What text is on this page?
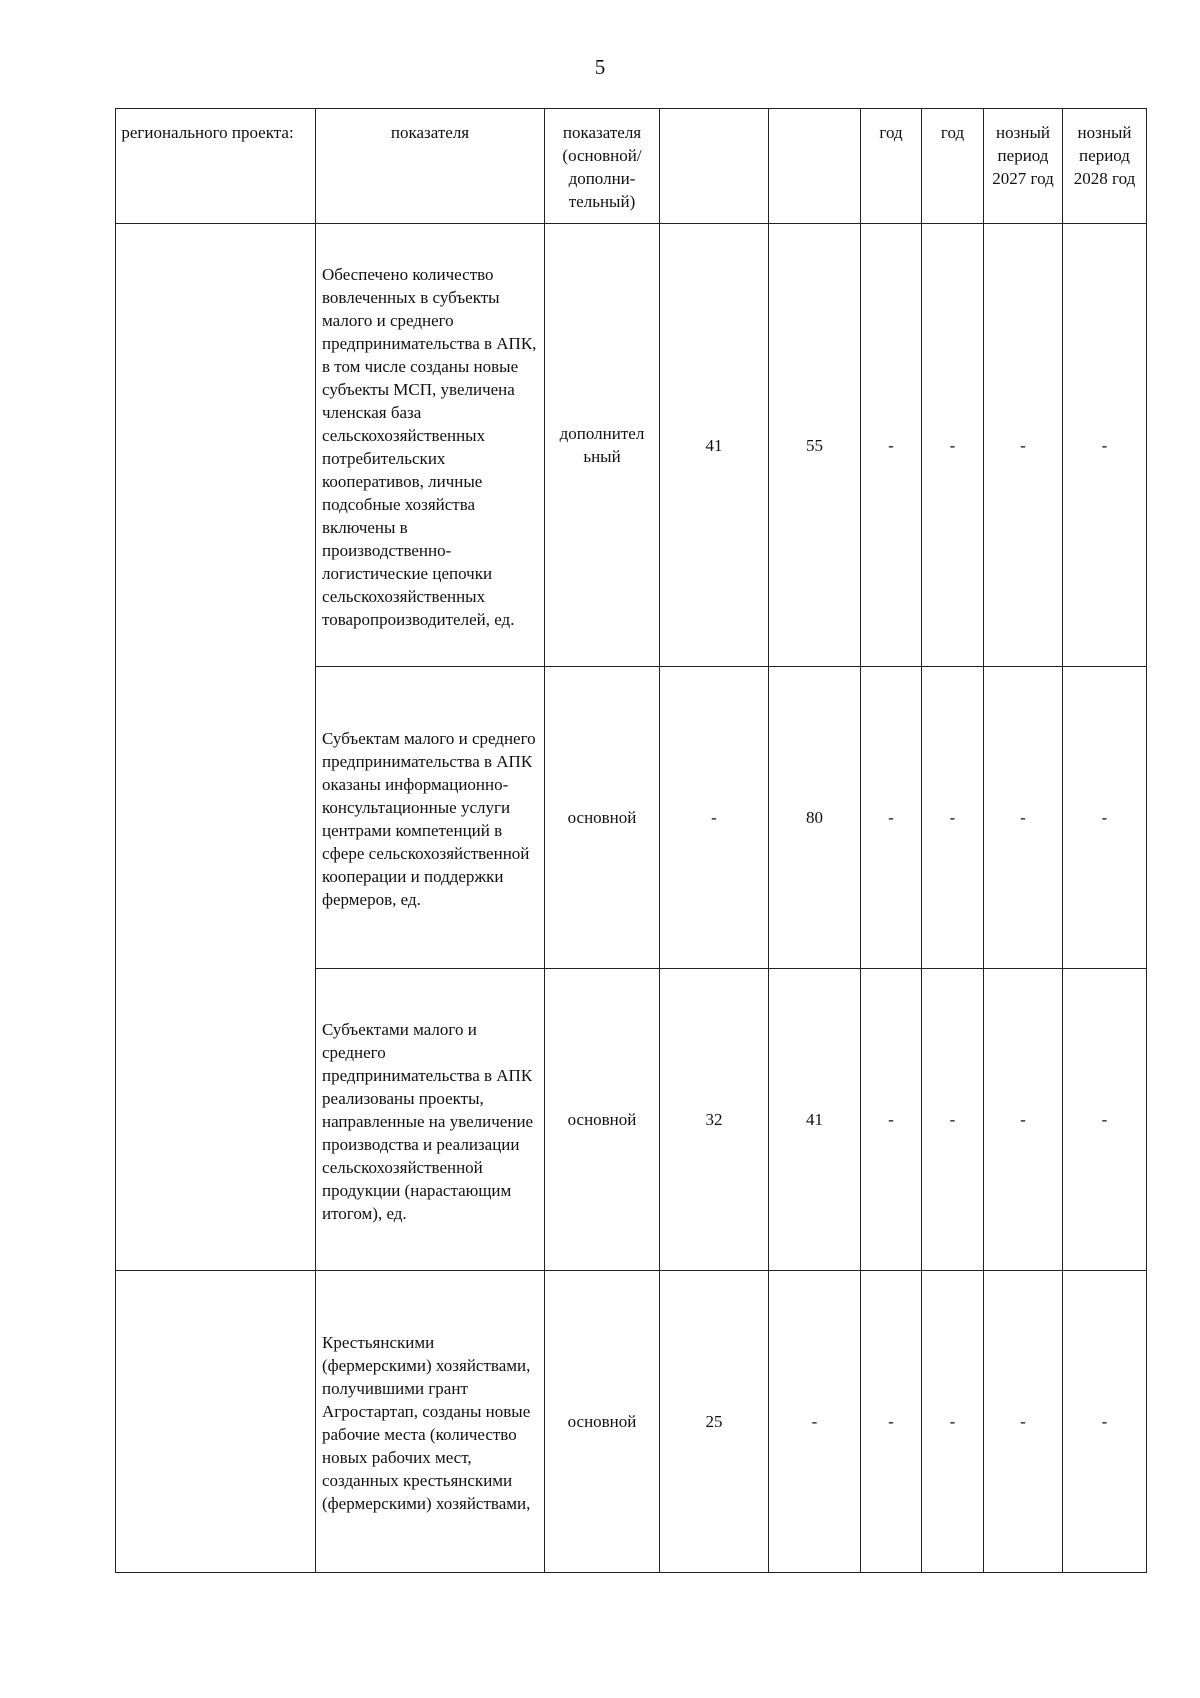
5
регионального проекта:	показателя	показателя (основной/ дополни-тельный)			год	год	нозный период 2027 год	нозный период 2028 год
	Обеспечено количество вовлеченных в субъекты малого и среднего предпринимательства в АПК, в том числе созданы новые субъекты МСП, увеличена членская база сельскохозяйственных потребительских кооперативов, личные подсобные хозяйства включены в производственно-логистические цепочки сельскохозяйственных товаропроизводителей, ед.	дополнител ьный	41	55	-	-	-	-
	Субъектам малого и среднего предпринимательства в АПК оказаны информационно-консультационные услуги центрами компетенций в сфере сельскохозяйственной кооперации и поддержки фермеров, ед.	основной	-	80	-	-	-	-
	Субъектами малого и среднего предпринимательства в АПК реализованы проекты, направленные на увеличение производства и реализации сельскохозяйственной продукции (нарастающим итогом), ед.	основной	32	41	-	-	-	-
	Крестьянскими (фермерскими) хозяйствами, получившими грант Агростартап, созданы новые рабочие места (количество новых рабочих мест, созданных крестьянскими (фермерскими) хозяйствами,	основной	25	-	-	-	-	-
